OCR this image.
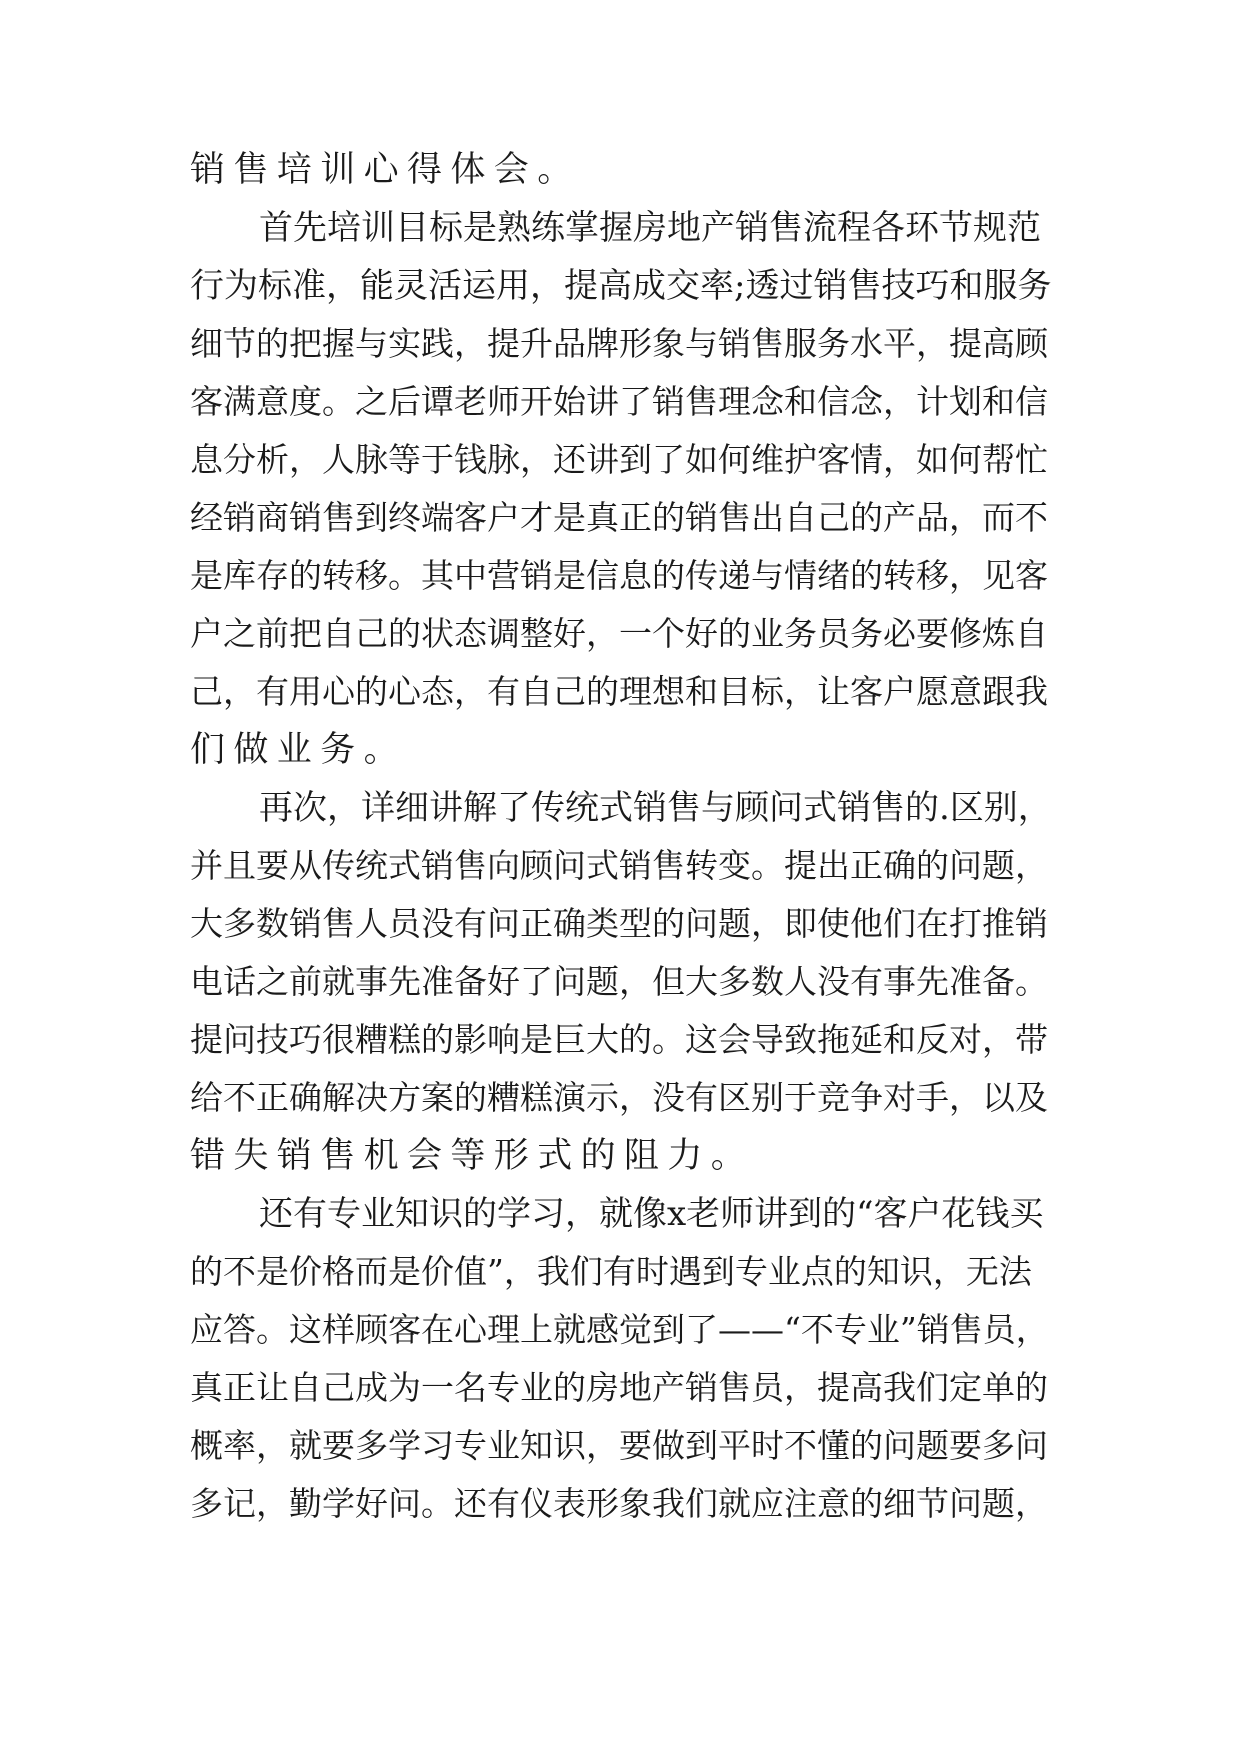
销售培训心得体会。
首先培训目标是熟练掌握房地产销售流程各环节规范
行为标准，能灵活运用，提高成交率;透过销售技巧和服务
细节的把握与实践，提升品牌形象与销售服务水平，提高顾
客满意度。之后谭老师开始讲了销售理念和信念，计划和信
息分析，人脉等于钱脉，还讲到了如何维护客情，如何帮忙
经销商销售到终端客户才是真正的销售出自己的产品，而不
是库存的转移。其中营销是信息的传递与情绪的转移，见客
户之前把自己的状态调整好，一个好的业务员务必要修炼自
己，有用心的心态，有自己的理想和目标，让客户愿意跟我
们做业务。
再次，详细讲解了传统式销售与顾问式销售的.区别，
并且要从传统式销售向顾问式销售转变。提出正确的问题，
大多数销售人员没有问正确类型的问题，即使他们在打推销
电话之前就事先准备好了问题，但大多数人没有事先准备。
提问技巧很糟糕的影响是巨大的。这会导致拖延和反对，带
给不正确解决方案的糟糕演示，没有区别于竞争对手，以及
错失销售机会等形式的阻力。
还有专业知识的学习，就像x老师讲到的“客户花钱买
的不是价格而是价值”，我们有时遇到专业点的知识，无法
应答。这样顾客在心理上就感觉到了——“不专业”销售员，
真正让自己成为一名专业的房地产销售员，提高我们定单的
概率，就要多学习专业知识，要做到平时不懂的问题要多问
多记，勤学好问。还有仪表形象我们就应注意的细节问题，
